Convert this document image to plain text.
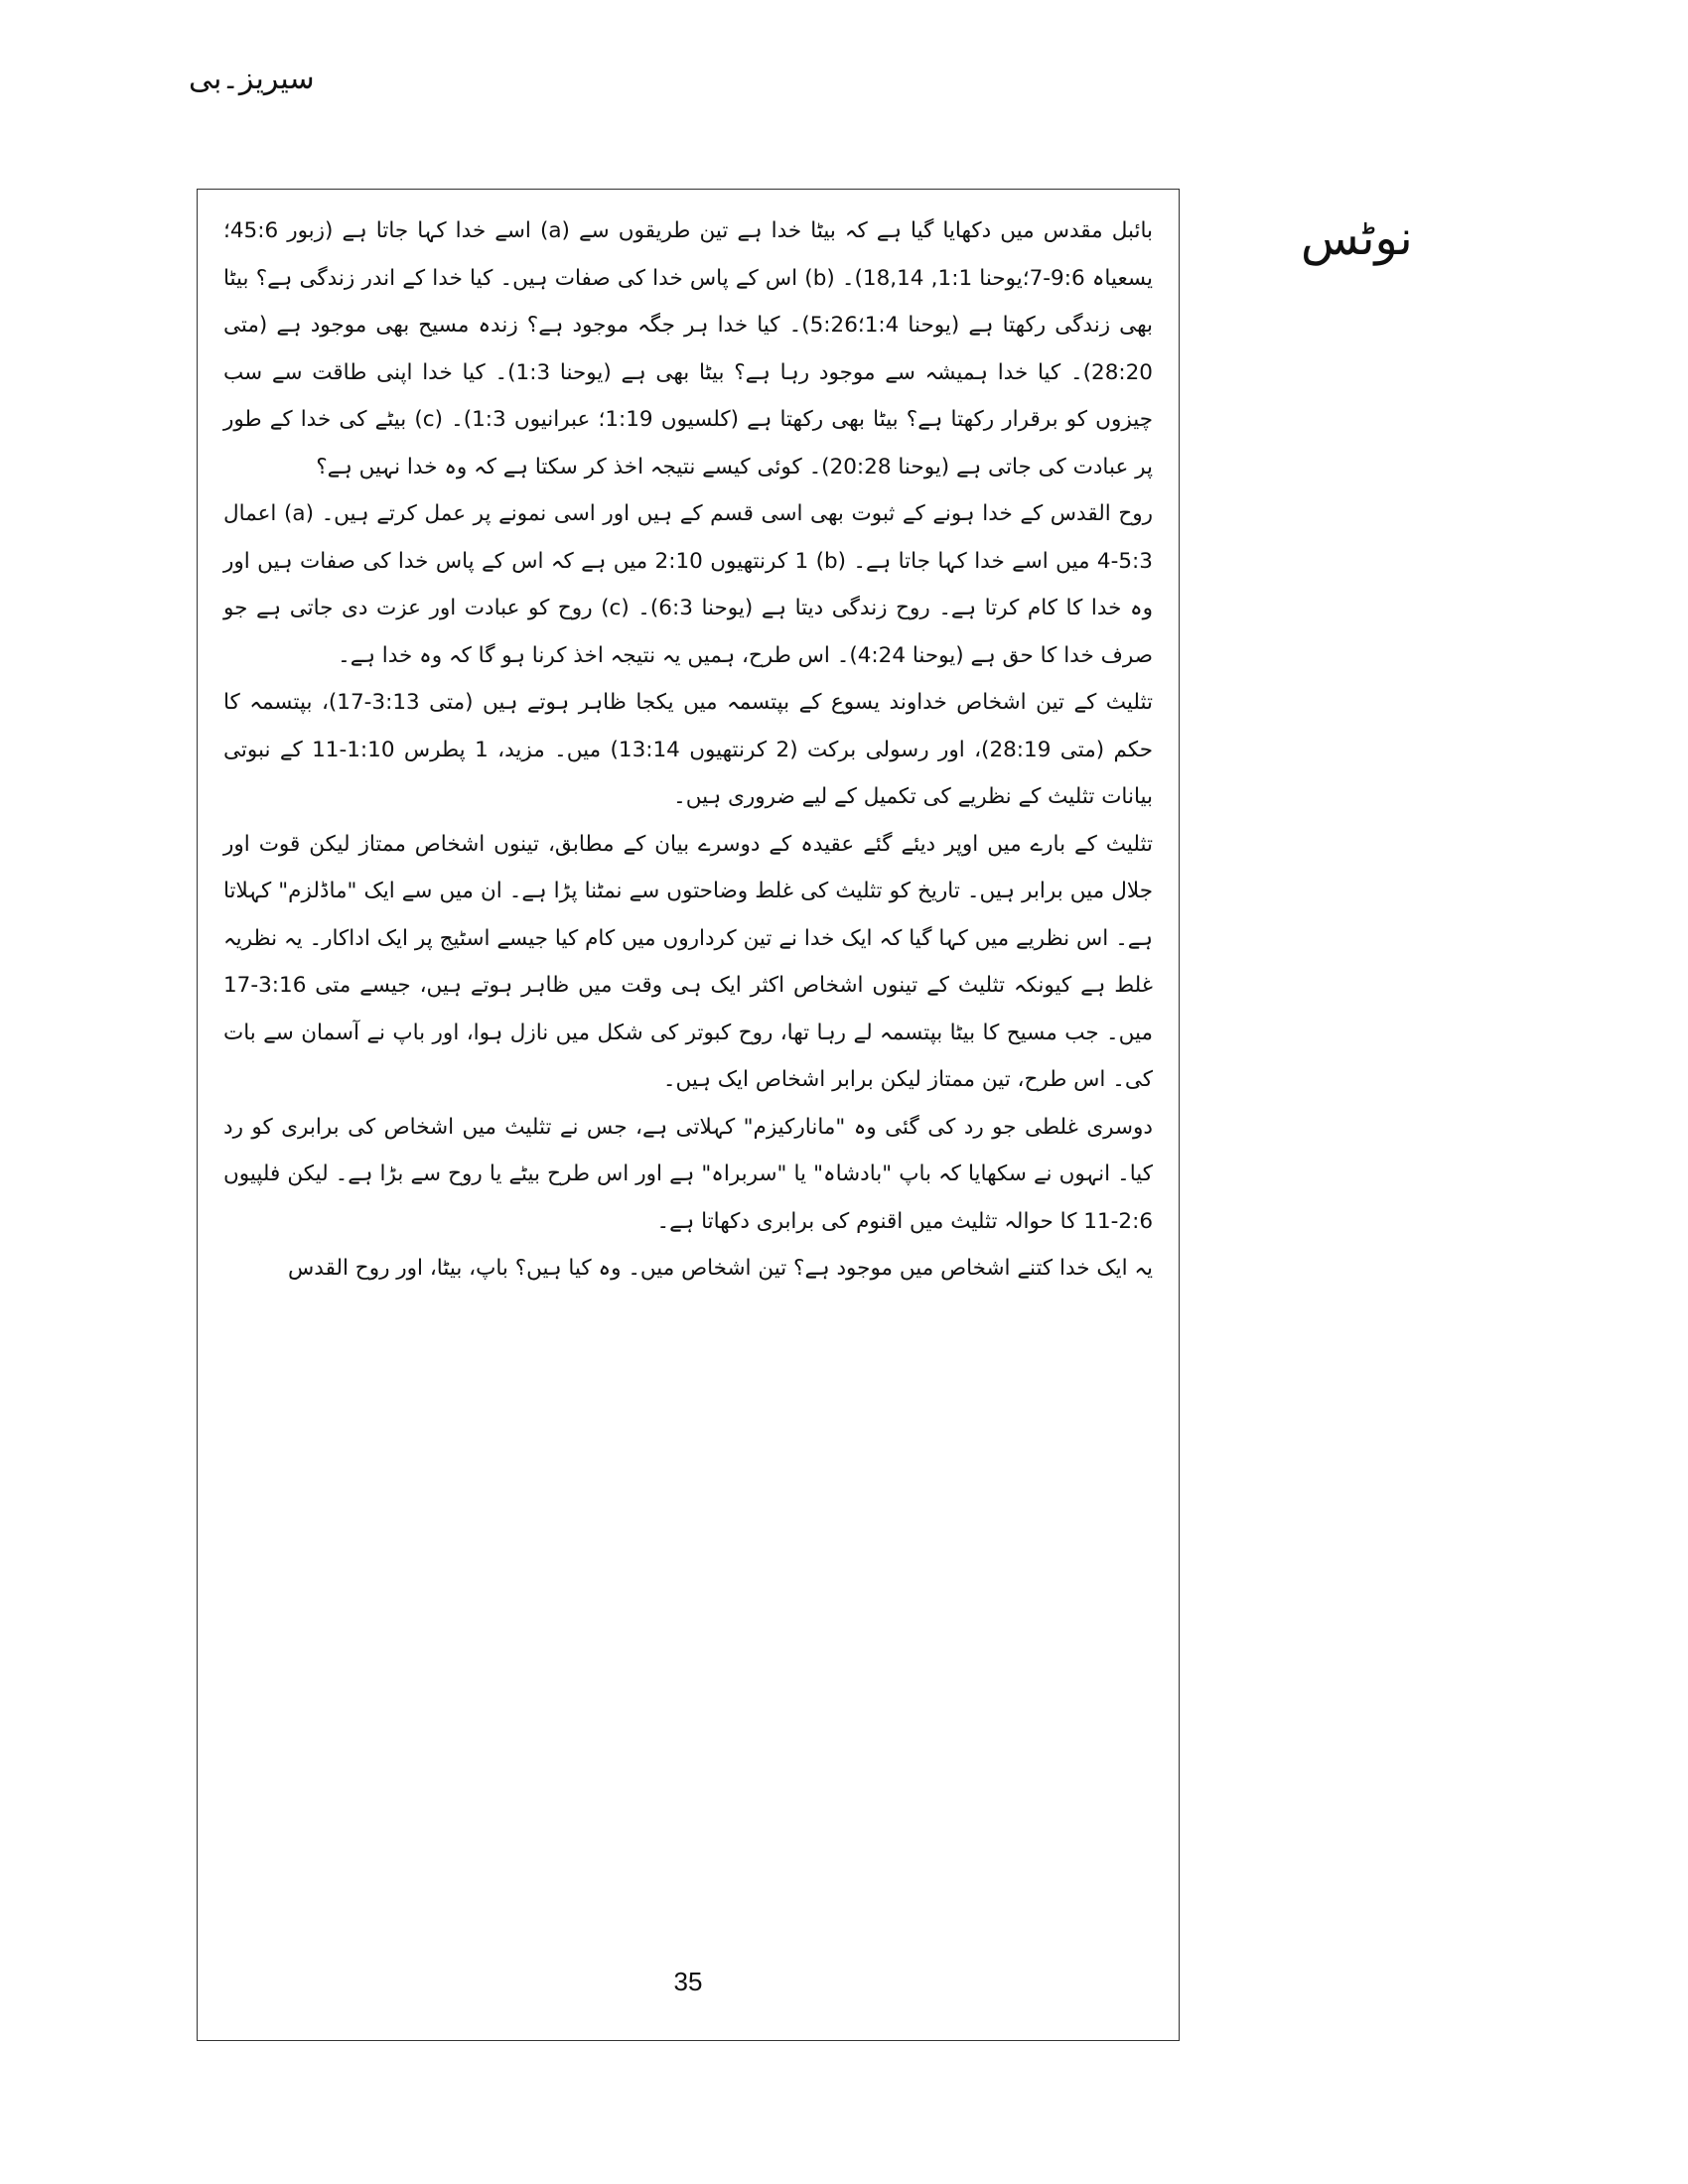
سیریز۔بی
نوٹس

بائبل مقدس میں دکھایا گیا ہے کہ بیٹا خدا ہے تین طریقوں سے (a) اسے خدا کہا جاتا ہے (زبور 45:6؛یسعیاہ 9:6-7؛یوحنا 1:1, 18,14)۔ (b) اس کے پاس خدا کی صفات ہیں۔ کیا خدا کے اندر زندگی ہے؟ بیٹا بھی زندگی رکھتا ہے (یوحنا 1:4؛5:26)۔ کیا خدا ہر جگہ موجود ہے؟ زندہ مسیح بھی موجود ہے (متی 28:20)۔ کیا خدا ہمیشہ سے موجود رہا ہے؟ بیٹا بھی ہے (یوحنا 1:3)۔ کیا خدا اپنی طاقت سے سب چیزوں کو برقرار رکھتا ہے؟ بیٹا بھی رکھتا ہے (کلسیوں 1:19؛ عبرانیوں 1:3)۔ (c) بیٹے کی خدا کے طور پر عبادت کی جاتی ہے (یوحنا 20:28)۔ کوئی کیسے نتیجہ اخذ کر سکتا ہے کہ وہ خدا نہیں ہے؟

روح القدس کے خدا ہونے کے ثبوت بھی اسی قسم کے ہیں اور اسی نمونے پر عمل کرتے ہیں۔ (a) اعمال 5:3-4 میں اسے خدا کہا جاتا ہے۔ (b) 1 کرنتھیوں 2:10 میں ہے کہ اس کے پاس خدا کی صفات ہیں اور وہ خدا کا کام کرتا ہے۔ روح زندگی دیتا ہے (یوحنا 6:3)۔ (c) روح کو عبادت اور عزت دی جاتی ہے جو صرف خدا کا حق ہے (یوحنا 4:24)۔ اس طرح، ہمیں یہ نتیجہ اخذ کرنا ہو گا کہ وہ خدا ہے۔

تثلیث کے تین اشخاص خداوند یسوع کے بپتسمہ میں یکجا ظاہر ہوتے ہیں (متی 3:13-17)، بپتسمہ کا حکم (متی 28:19)، اور رسولی برکت (2 کرنتھیوں 13:14) میں۔ مزید، 1 پطرس 1:10-11 کے نبوتی بیانات تثلیث کے نظریے کی تکمیل کے لیے ضروری ہیں۔

تثلیث کے بارے میں اوپر دیئے گئے عقیدہ کے دوسرے بیان کے مطابق، تینوں اشخاص ممتاز لیکن قوت اور جلال میں برابر ہیں۔ تاریخ کو تثلیث کی غلط وضاحتوں سے نمٹنا پڑا ہے۔ ان میں سے ایک "ماڈلزم" کہلاتا ہے۔ اس نظریے میں کہا گیا کہ ایک خدا نے تین کرداروں میں کام کیا جیسے اسٹیج پر ایک اداکار۔ یہ نظریہ غلط ہے کیونکہ تثلیث کے تینوں اشخاص اکثر ایک ہی وقت میں ظاہر ہوتے ہیں، جیسے متی 3:16-17 میں۔ جب مسیح کا بیٹا بپتسمہ لے رہا تھا، روح کبوتر کی شکل میں نازل ہوا، اور باپ نے آسمان سے بات کی۔ اس طرح، تین ممتاز لیکن برابر اشخاص ایک ہیں۔

دوسری غلطی جو رد کی گئی وہ "مانارکیزم" کہلاتی ہے، جس نے تثلیث میں اشخاص کی برابری کو رد کیا۔ انہوں نے سکھایا کہ باپ "بادشاہ" یا "سربراہ" ہے اور اس طرح بیٹے یا روح سے بڑا ہے۔ لیکن فلپیوں 2:6-11 کا حوالہ تثلیث میں اقنوم کی برابری دکھاتا ہے۔

یہ ایک خدا کتنے اشخاص میں موجود ہے؟ تین اشخاص میں۔ وہ کیا ہیں؟ باپ، بیٹا، اور روح القدس

35
